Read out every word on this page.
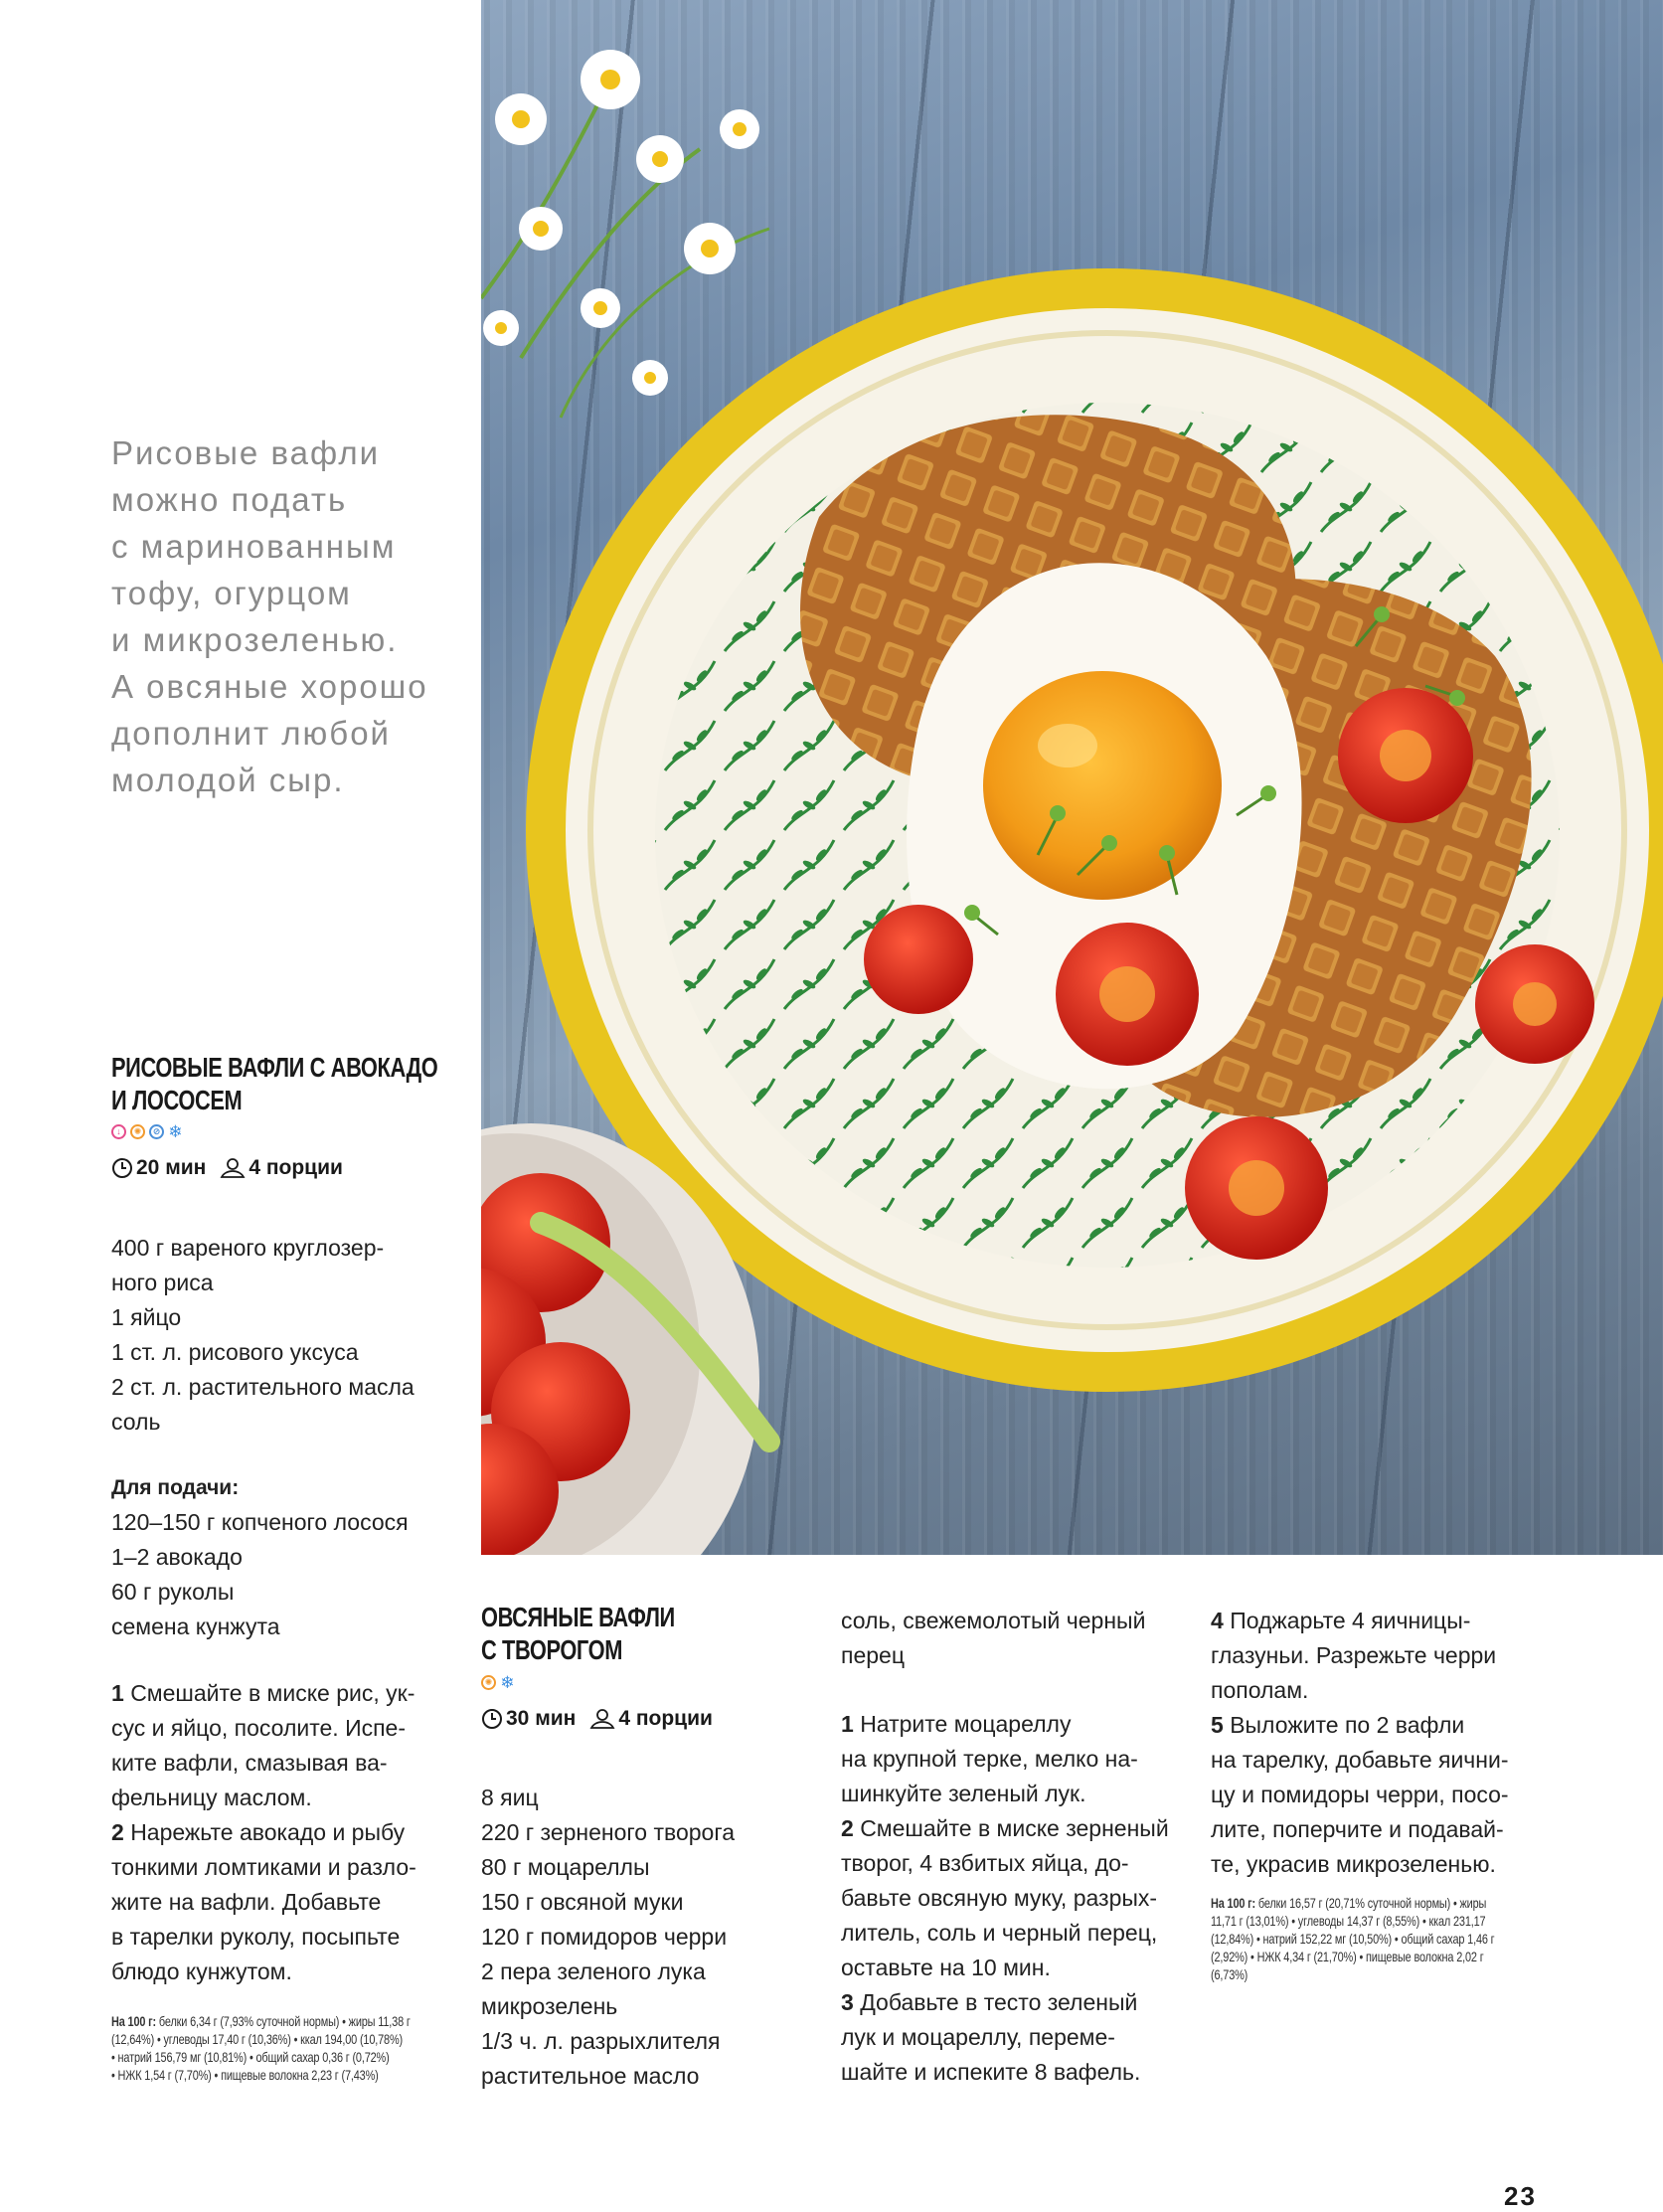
Рисовые вафли
можно подать
с маринованным
тофу, огурцом
и микрозеленью.
А овсяные хорошо
дополнит любой
молодой сыр.
РИСОВЫЕ ВАФЛИ С АВОКАДО
И ЛОСОСЕМ
↓	✺	⊘ ❄
20 мин 4 порции
400 г вареного круглозер-
ного риса
1 яйцо
1 ст. л. рисового уксуса
2 ст. л. растительного масла
соль
Для подачи:
120–150 г копченого лосося
1–2 авокадо
60 г руколы
семена кунжута
1 Смешайте в миске рис, ук-
сус и яйцо, посолите. Испе-
ките вафли, смазывая ва-
фельницу маслом.
2 Нарежьте авокадо и рыбу
тонкими ломтиками и разло-
жите на вафли. Добавьте
в тарелки руколу, посыпьте
блюдо кунжутом.
На 100 г: белки 6,34 г (7,93% суточной нормы) • жиры 11,38 г
(12,64%) • углеводы 17,40 г (10,36%) • ккал 194,00 (10,78%)
• натрий 156,79 мг (10,81%) • общий сахар 0,36 г (0,72%)
• НЖК 1,54 г (7,70%) • пищевые волокна 2,23 г (7,43%)
ОВСЯНЫЕ ВАФЛИ
С ТВОРОГОМ
✺ ❄
30 мин 4 порции
8 яиц
220 г зерненого творога
80 г моцареллы
150 г овсяной муки
120 г помидоров черри
2 пера зеленого лука
микрозелень
1/3 ч. л. разрыхлителя
растительное масло
соль, свежемолотый черный
перец
1 Натрите моцареллу
на крупной терке, мелко на-
шинкуйте зеленый лук.
2 Смешайте в миске зерненый
творог, 4 взбитых яйца, до-
бавьте овсяную муку, разрых-
литель, соль и черный перец,
оставьте на 10 мин.
3 Добавьте в тесто зеленый
лук и моцареллу, переме-
шайте и испеките 8 вафель.
4 Поджарьте 4 яичницы-
глазуньи. Разрежьте черри
пополам.
5 Выложите по 2 вафли
на тарелку, добавьте яични-
цу и помидоры черри, посо-
лите, поперчите и подавай-
те, украсив микрозеленью.
На 100 г: белки 16,57 г (20,71% суточной нормы) • жиры
11,71 г (13,01%) • углеводы 14,37 г (8,55%) • ккал 231,17
(12,84%) • натрий 152,22 мг (10,50%) • общий сахар 1,46 г
(2,92%) • НЖК 4,34 г (21,70%) • пищевые волокна 2,02 г
(6,73%)
23
